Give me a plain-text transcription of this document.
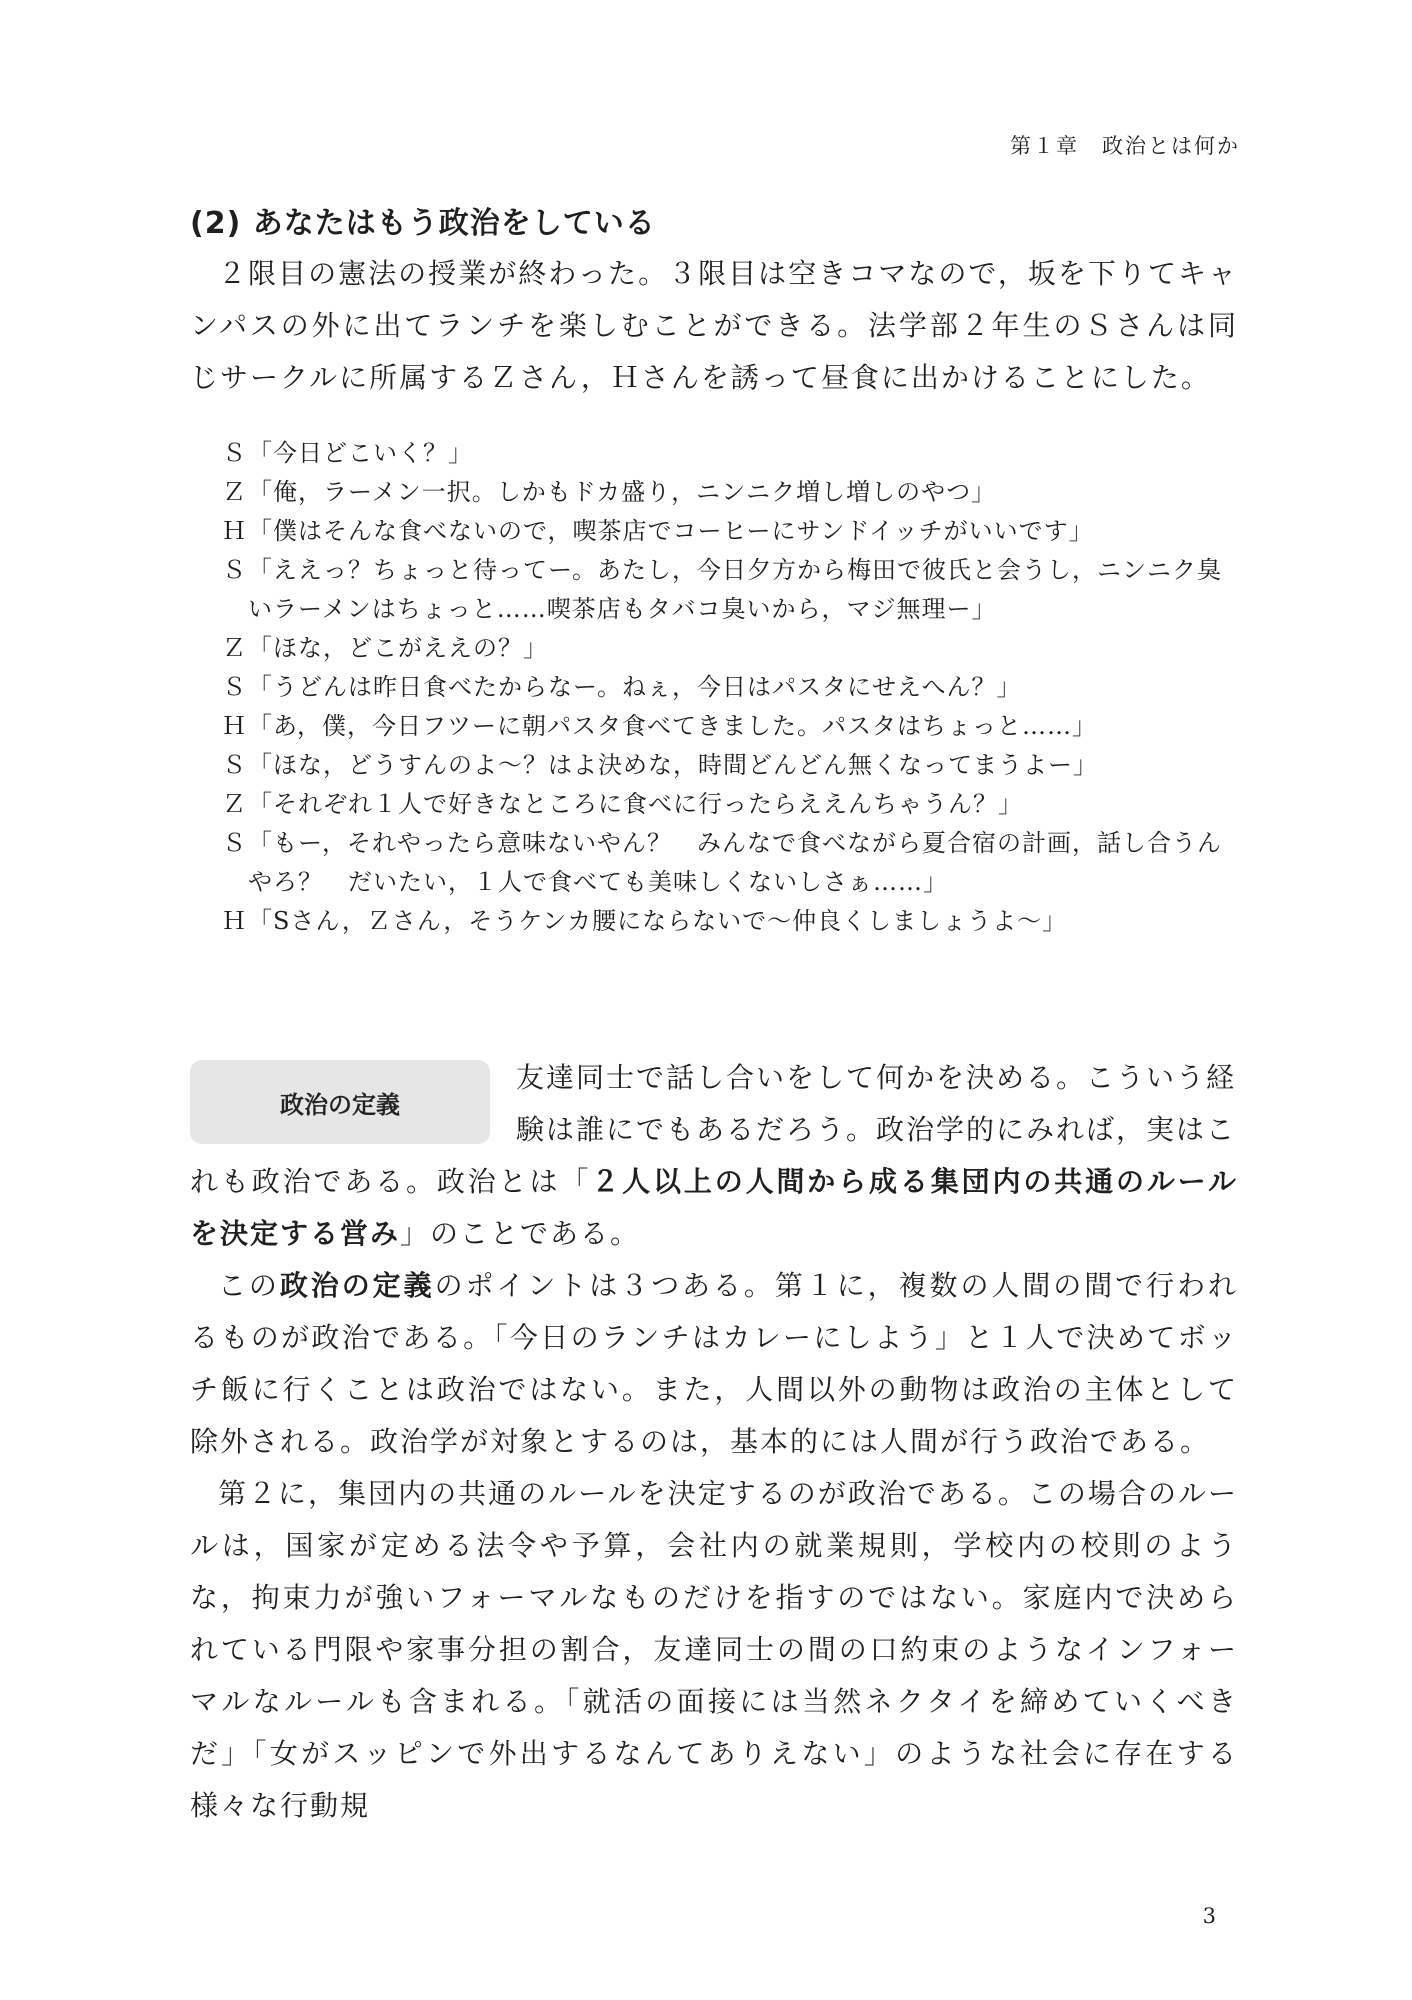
第１章　政治とは何か
(2) あなたはもう政治をしている

２限目の憲法の授業が終わった。３限目は空きコマなので，坂を下りてキャンパスの外に出てランチを楽しむことができる。法学部２年生のＳさんは同じサークルに所属するＺさん，Ｈさんを誘って昼食に出かけることにした。

Ｓ「今日どこいく？」
Ｚ「俺，ラーメン一択。しかもドカ盛り，ニンニク増し増しのやつ」
Ｈ「僕はそんな食べないので，喫茶店でコーヒーにサンドイッチがいいです」
Ｓ「ええっ？ちょっと待ってー。あたし，今日夕方から梅田で彼氏と会うし，ニンニク臭いラーメンはちょっと……喫茶店もタバコ臭いから，マジ無理ー」
Ｚ「ほな，どこがええの？」
Ｓ「うどんは昨日食べたからなー。ねぇ，今日はパスタにせえへん？」
Ｈ「あ，僕，今日フツーに朝パスタ食べてきました。パスタはちょっと……」
Ｓ「ほな，どうすんのよ〜？はよ決めな，時間どんどん無くなってまうよー」
Ｚ「それぞれ１人で好きなところに食べに行ったらええんちゃうん？」
Ｓ「もー，それやったら意味ないやん？　みんなで食べながら夏合宿の計画，話し合うんやろ？　だいたい，１人で食べても美味しくないしさぁ……」
Ｈ「Sさん，Ｚさん，そうケンカ腰にならないで〜仲良くしましょうよ〜」
政治の定義

友達同士で話し合いをして何かを決める。こういう経

験は誰にでもあるだろう。政治学的にみれば，実はこ

れも政治である。政治とは「２人以上の人間から成る集団内の共通のルールを決定する営み」のことである。

この政治の定義のポイントは３つある。第１に，複数の人間の間で行われるものが政治である。「今日のランチはカレーにしよう」と１人で決めてボッチ飯に行くことは政治ではない。また，人間以外の動物は政治の主体として除外される。政治学が対象とするのは，基本的には人間が行う政治である。

第２に，集団内の共通のルールを決定するのが政治である。この場合のルールは，国家が定める法令や予算，会社内の就業規則，学校内の校則のような，拘束力が強いフォーマルなものだけを指すのではない。家庭内で決められている門限や家事分担の割合，友達同士の間の口約束のようなインフォーマルなルールも含まれる。「就活の面接には当然ネクタイを締めていくべきだ」「女がスッピンで外出するなんてありえない」のような社会に存在する様々な行動規

3
